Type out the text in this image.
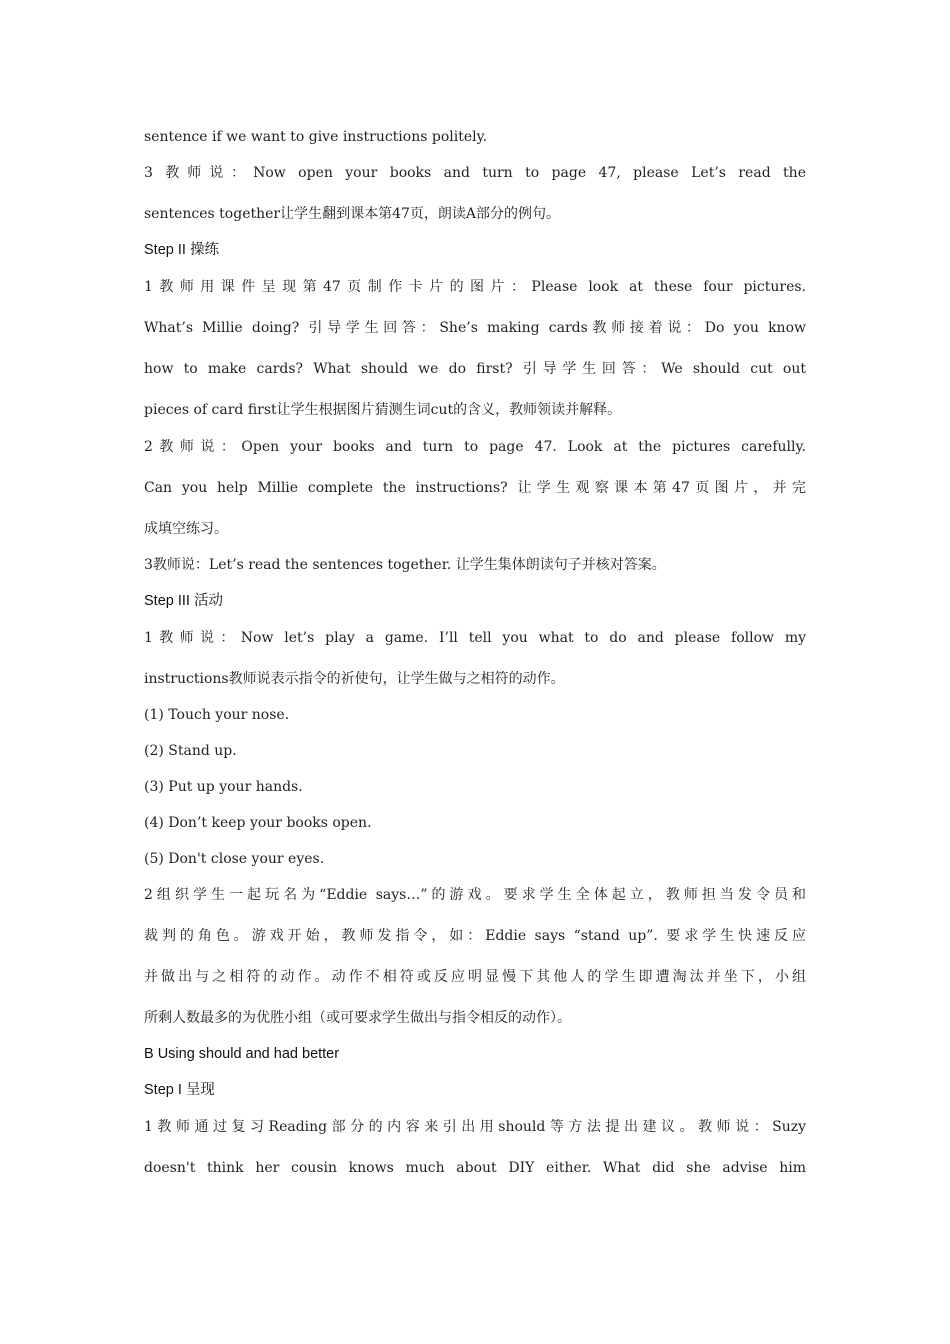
sentence if we want to give instructions politely.
3 教师说：Now open your books and turn to page 47, please Let’s read the
sentences together让学生翻到课本第47页，朗读A部分的例句。
Step II 操练
1教师用课件呈现第47页制作卡片的图片：Please look at these four pictures.
What’s Millie doing? 引导学生回答：She’s making cards教师接着说：Do you know
how to make cards? What should we do first? 引导学生回答：We should cut out
pieces of card first让学生根据图片猜测生词cut的含义，教师领读并解释。
2教师说：Open your books and turn to page 47. Look at the pictures carefully.
Can you help Millie complete the instructions? 让学生观察课本第47页图片，并完
成填空练习。
3教师说：Let’s read the sentences together. 让学生集体朗读句子并核对答案。
Step III 活动
1教师说：Now let’s play a game. I’ll tell you what to do and please follow my
instructions教师说表示指令的祈使句，让学生做与之相符的动作。
(1) Touch your nose.
(2) Stand up.
(3) Put up your hands.
(4) Don’t keep your books open.
(5) Don't close your eyes.
2组织学生一起玩名为“Eddie says…”的游戏。要求学生全体起立，教师担当发令员和
裁判的角色。游戏开始，教师发指令，如：Eddie says “stand up”. 要求学生快速反应
并做出与之相符的动作。动作不相符或反应明显慢下其他人的学生即遭淘汰并坐下，小组
所剩人数最多的为优胜小组（或可要求学生做出与指令相反的动作）。
B Using should and had better
Step I 呈现
1教师通过复习Reading部分的内容来引出用should等方法提出建议。教师说：Suzy
doesn't think her cousin knows much about DIY either. What did she advise him
